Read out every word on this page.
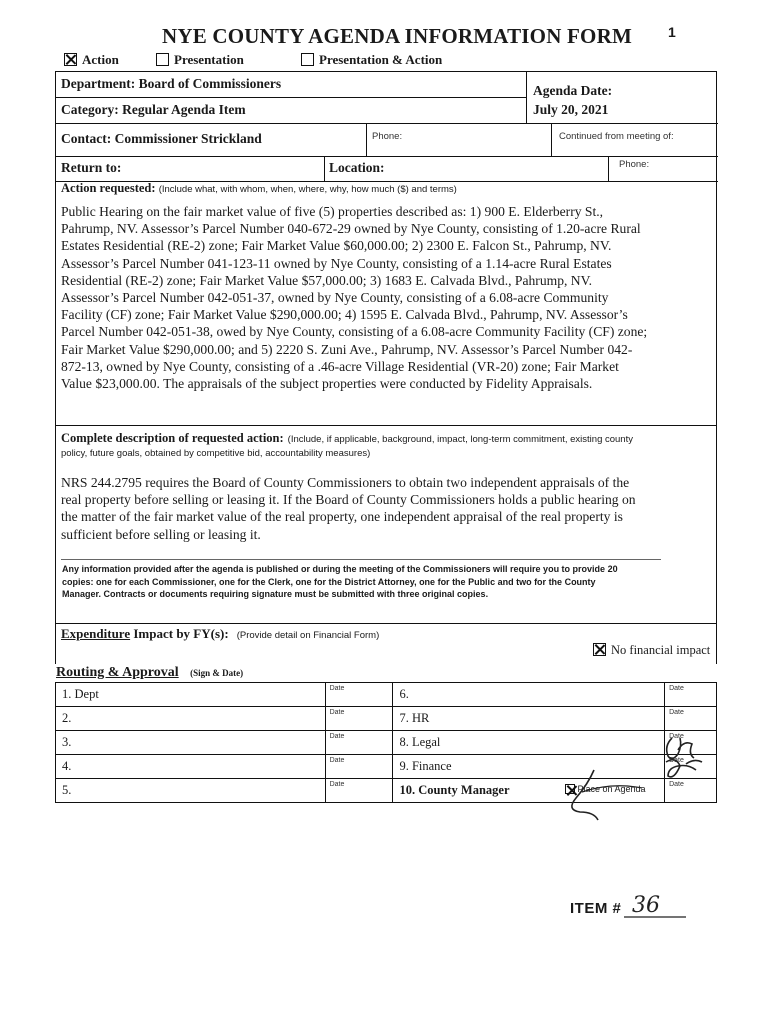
1
NYE COUNTY AGENDA INFORMATION FORM
Action	Presentation	Presentation & Action
Department: Board of Commissioners	Agenda Date:
July 20, 2021
Category: Regular Agenda Item
Contact: Commissioner Strickland	Phone:	Continued from meeting of:
Return to:	Location:	Phone:
Action requested: (Include what, with whom, when, where, why, how much ($) and terms)
Public Hearing on the fair market value of five (5) properties described as: 1) 900 E. Elderberry St.,
Pahrump, NV. Assessor’s Parcel Number 040-672-29 owned by Nye County, consisting of 1.20-acre Rural
Estates Residential (RE-2) zone; Fair Market Value $60,000.00; 2) 2300 E. Falcon St., Pahrump, NV.
Assessor’s Parcel Number 041-123-11 owned by Nye County, consisting of a 1.14-acre Rural Estates
Residential (RE-2) zone; Fair Market Value $57,000.00; 3) 1683 E. Calvada Blvd., Pahrump, NV.
Assessor’s Parcel Number 042-051-37, owned by Nye County, consisting of a 6.08-acre Community
Facility (CF) zone; Fair Market Value $290,000.00; 4) 1595 E. Calvada Blvd., Pahrump, NV. Assessor’s
Parcel Number 042-051-38, owed by Nye County, consisting of a 6.08-acre Community Facility (CF) zone;
Fair Market Value $290,000.00; and 5) 2220 S. Zuni Ave., Pahrump, NV. Assessor’s Parcel Number 042-
872-13, owned by Nye County, consisting of a .46-acre Village Residential (VR-20) zone; Fair Market
Value $23,000.00. The appraisals of the subject properties were conducted by Fidelity Appraisals.
Complete description of requested action: (Include, if applicable, background, impact, long-term commitment, existing county
policy, future goals, obtained by competitive bid, accountability measures)
NRS 244.2795 requires the Board of County Commissioners to obtain two independent appraisals of the
real property before selling or leasing it. If the Board of County Commissioners holds a public hearing on
the matter of the fair market value of the real property, one independent appraisal of the real property is
sufficient before selling or leasing it.
Any information provided after the agenda is published or during the meeting of the Commissioners will require you to provide 20
copies: one for each Commissioner, one for the Clerk, one for the District Attorney, one for the Public and two for the County
Manager. Contracts or documents requiring signature must be submitted with three original copies.
Expenditure Impact by FY(s): (Provide detail on Financial Form)
No financial impact
Routing & Approval (Sign & Date)
1. Dept	Date	6.	Date

2.	Date	7. HR	Date

3.	Date	8. Legal	Date

4.	Date	9. Finance	Date

5.	Date	10. County Manager Place on Agenda	Date
ITEM # 36
